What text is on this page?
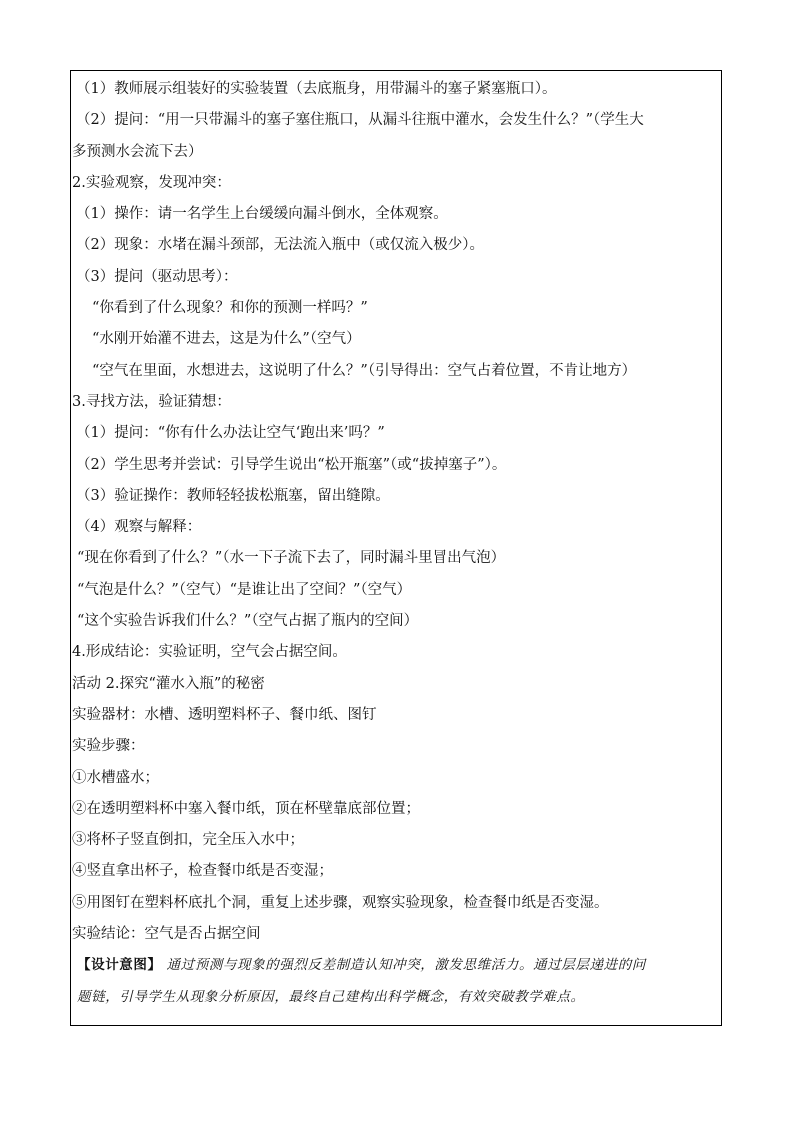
（1）教师展示组装好的实验装置（去底瓶身，用带漏斗的塞子紧塞瓶口）。
（2）提问：“用一只带漏斗的塞子塞住瓶口，从漏斗往瓶中灌水，会发生什么？”（学生大
多预测水会流下去）
2.实验观察，发现冲突：
（1）操作：请一名学生上台缓缓向漏斗倒水，全体观察。
（2）现象：水堵在漏斗颈部，无法流入瓶中（或仅流入极少）。
（3）提问（驱动思考）：
“你看到了什么现象？和你的预测一样吗？”
“水刚开始灌不进去，这是为什么”（空气）
“空气在里面，水想进去，这说明了什么？”（引导得出：空气占着位置，不肯让地方）
3.寻找方法，验证猜想：
（1）提问：“你有什么办法让空气‘跑出来’吗？”
（2）学生思考并尝试：引导学生说出“松开瓶塞”（或“拔掉塞子”）。
（3）验证操作：教师轻轻拔松瓶塞，留出缝隙。
（4）观察与解释：
“现在你看到了什么？”（水一下子流下去了，同时漏斗里冒出气泡）
“气泡是什么？”（空气）“是谁让出了空间？”（空气）
“这个实验告诉我们什么？”（空气占据了瓶内的空间）
4.形成结论：实验证明，空气会占据空间。
活动 2.探究“灌水入瓶”的秘密
实验器材：水槽、透明塑料杯子、餐巾纸、图钉
实验步骤：
①水槽盛水；
②在透明塑料杯中塞入餐巾纸，顶在杯壁靠底部位置；
③将杯子竖直倒扣，完全压入水中；
④竖直拿出杯子，检查餐巾纸是否变湿；
⑤用图钉在塑料杯底扎个洞，重复上述步骤，观察实验现象，检查餐巾纸是否变湿。
实验结论：空气是否占据空间
【设计意图】 通过预测与现象的强烈反差制造认知冲突，激发思维活力。通过层层递进的问
题链，引导学生从现象分析原因，最终自己建构出科学概念，有效突破教学难点。
